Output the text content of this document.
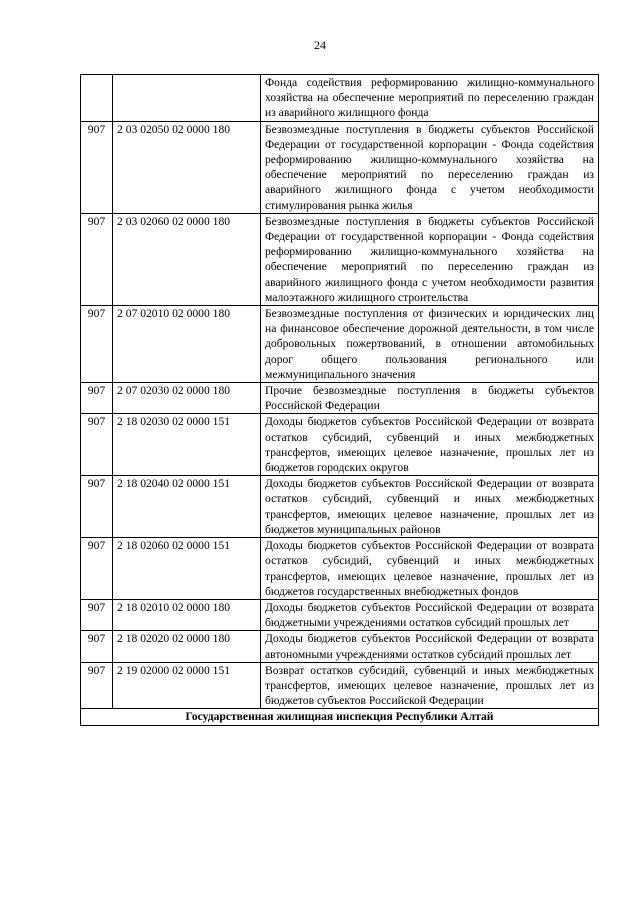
24
		Фонда содействия реформированию жилищно-коммунального хозяйства на обеспечение мероприятий по переселению граждан из аварийного жилищного фонда
907	2 03 02050 02 0000 180	Безвозмездные поступления в бюджеты субъектов Российской Федерации от государственной корпорации - Фонда содействия реформированию жилищно-коммунального хозяйства на обеспечение мероприятий по переселению граждан из аварийного жилищного фонда с учетом необходимости стимулирования рынка жилья
907	2 03 02060 02 0000 180	Безвозмездные поступления в бюджеты субъектов Российской Федерации от государственной корпорации - Фонда содействия реформированию жилищно-коммунального хозяйства на обеспечение мероприятий по переселению граждан из аварийного жилищного фонда с учетом необходимости развития малоэтажного жилищного строительства
907	2 07 02010 02 0000 180	Безвозмездные поступления от физических и юридических лиц на финансовое обеспечение дорожной деятельности, в том числе добровольных пожертвований, в отношении автомобильных дорог общего пользования регионального или межмуниципального значения
907	2 07 02030 02 0000 180	Прочие безвозмездные поступления в бюджеты субъектов Российской Федерации
907	2 18 02030 02 0000 151	Доходы бюджетов субъектов Российской Федерации от возврата остатков субсидий, субвенций и иных межбюджетных трансфертов, имеющих целевое назначение, прошлых лет из бюджетов городских округов
907	2 18 02040 02 0000 151	Доходы бюджетов субъектов Российской Федерации от возврата остатков субсидий, субвенций и иных межбюджетных трансфертов, имеющих целевое назначение, прошлых лет из бюджетов муниципальных районов
907	2 18 02060 02 0000 151	Доходы бюджетов субъектов Российской Федерации от возврата остатков субсидий, субвенций и иных межбюджетных трансфертов, имеющих целевое назначение, прошлых лет из бюджетов государственных внебюджетных фондов
907	2 18 02010 02 0000 180	Доходы бюджетов субъектов Российской Федерации от возврата бюджетными учреждениями остатков субсидий прошлых лет
907	2 18 02020 02 0000 180	Доходы бюджетов субъектов Российской Федерации от возврата автономными учреждениями остатков субсидий прошлых лет
907	2 19 02000 02 0000 151	Возврат остатков субсидий, субвенций и иных межбюджетных трансфертов, имеющих целевое назначение, прошлых лет из бюджетов субъектов Российской Федерации
Государственная жилищная инспекция Республики Алтай		
